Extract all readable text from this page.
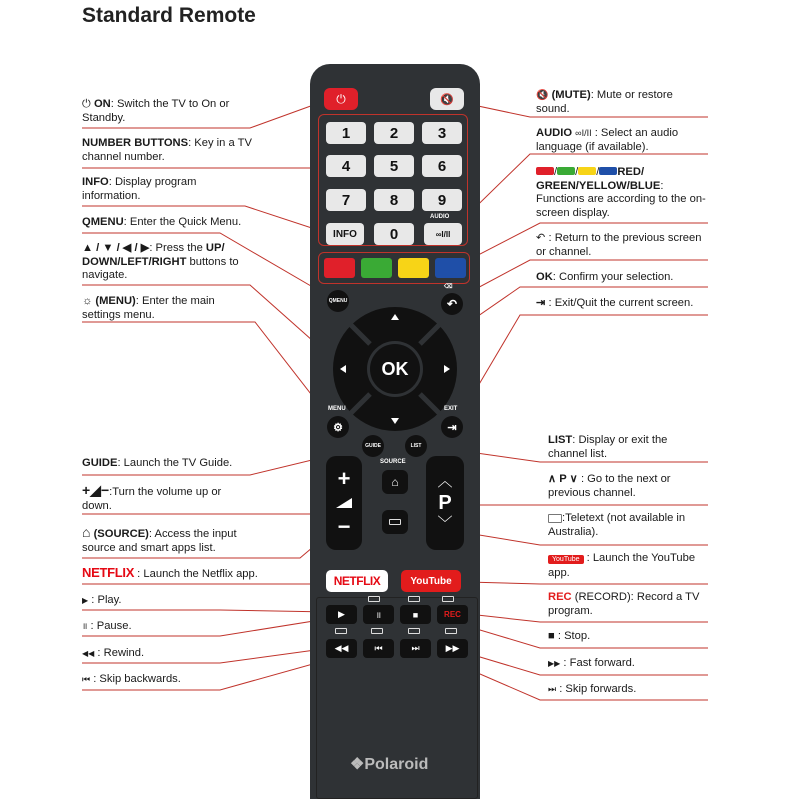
Standard Remote
⏻ ON: Switch the TV to On or Standby.
NUMBER BUTTONS: Key in a TV channel number.
INFO: Display program information.
QMENU: Enter the Quick Menu.
▲ / ▼ / ◀ / ▶: Press the UP/ DOWN/LEFT/RIGHT buttons to navigate.
☼ (MENU): Enter the main settings menu.
GUIDE: Launch the TV Guide.
+◢−:Turn the volume up or down.
⌂ (SOURCE): Access the input source and smart apps list.
NETFLIX : Launch the Netflix app.
▶ : Play.
॥ : Pause.
◀◀ : Rewind.
⏮ : Skip backwards.
🔇 (MUTE): Mute or restore sound.
AUDIO ∞I/II : Select an audio language (if available).
/ / / RED/ GREEN/YELLOW/BLUE: Functions are according to the on-screen display.
↶ : Return to the previous screen or channel.
OK: Confirm your selection.
⇥ : Exit/Quit the current screen.
LIST: Display or exit the channel list.
∧ P ∨ : Go to the next or previous channel.
:Teletext (not available in Australia).
YouTube : Launch the YouTube app.
REC (RECORD): Record a TV program.
■ : Stop.
▶▶ : Fast forward.
⏭ : Skip forwards.
⏻	🔇
1	2	3
4	5	6
7	8	9
INFO	0
AUDIO
∞I/II
QMENU
⌫
↶
OK
MENU
⚙
EXIT
⇥
GUIDE	LIST
+
−
SOURCE
⌂	︿
P
﹀
NETFLIX	YouTube
▶	॥	■	REC
◀◀	⏮	⏭	▶▶
❖Polaroid
